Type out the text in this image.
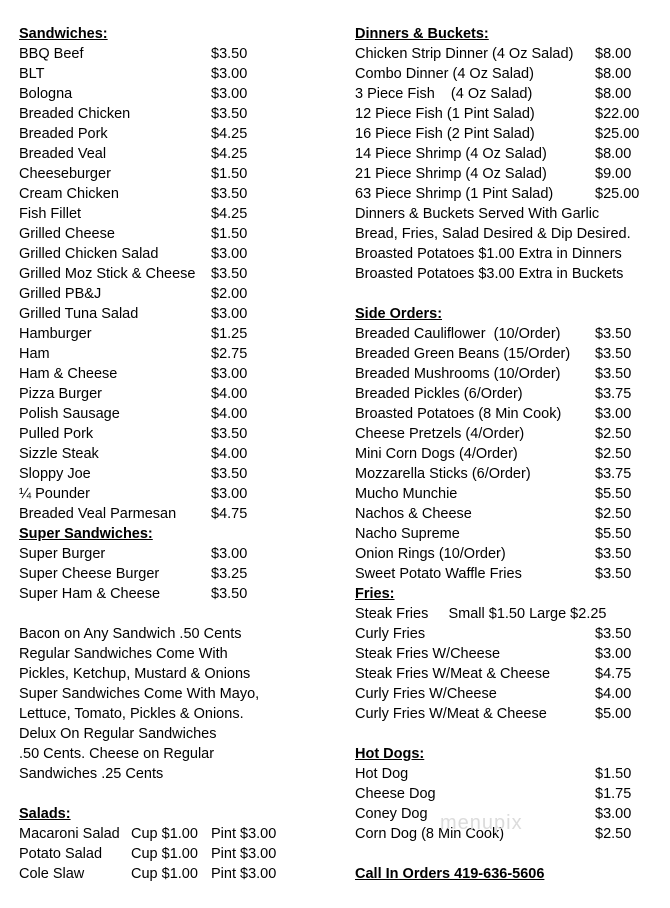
Sandwiches:
BBQ Beef	$3.50
BLT	$3.00
Bologna	$3.00
Breaded Chicken	$3.50
Breaded Pork	$4.25
Breaded Veal	$4.25
Cheeseburger	$1.50
Cream Chicken	$3.50
Fish Fillet	$4.25
Grilled Cheese	$1.50
Grilled Chicken Salad	$3.00
Grilled Moz Stick & Cheese $3.50
Grilled PB&J	$2.00
Grilled Tuna Salad	$3.00
Hamburger	$1.25
Ham	$2.75
Ham & Cheese	$3.00
Pizza Burger	$4.00
Polish Sausage	$4.00
Pulled Pork	$3.50
Sizzle Steak	$4.00
Sloppy Joe	$3.50
¼ Pounder	$3.00
Breaded Veal Parmesan $4.75
Super Sandwiches:
Super Burger	$3.00
Super Cheese Burger	$3.25
Super Ham & Cheese	$3.50
Bacon on Any Sandwich .50 Cents
Regular Sandwiches Come With
Pickles, Ketchup, Mustard & Onions
Super Sandwiches Come With Mayo,
Lettuce, Tomato, Pickles & Onions.
Delux On Regular Sandwiches
.50 Cents. Cheese on Regular
Sandwiches .25 Cents
Salads:
Macaroni Salad Cup $1.00 Pint $3.00
Potato Salad Cup $1.00 Pint $3.00
Cole Slaw	Cup $1.00 Pint $3.00
Dinners & Buckets:
Chicken Strip Dinner (4 Oz Salad) $8.00
Combo Dinner (4 Oz Salad)	$8.00
3 Piece Fish    (4 Oz Salad)	$8.00
12 Piece Fish (1 Pint Salad)	$22.00
16 Piece Fish (2 Pint Salad)	$25.00
14 Piece Shrimp (4 Oz Salad)	$8.00
21 Piece Shrimp (4 Oz Salad)	$9.00
63 Piece Shrimp (1 Pint Salad)	$25.00
Dinners & Buckets Served With Garlic
Bread, Fries, Salad Desired & Dip Desired.
Broasted Potatoes $1.00 Extra in Dinners
Broasted Potatoes $3.00 Extra in Buckets
Side Orders:
Breaded Cauliflower  (10/Order) $3.50
Breaded Green Beans (15/Order) $3.50
Breaded Mushrooms (10/Order) $3.50
Breaded Pickles (6/Order)	$3.75
Broasted Potatoes (8 Min Cook) $3.00
Cheese Pretzels (4/Order)	$2.50
Mini Corn Dogs (4/Order)	$2.50
Mozzarella Sticks (6/Order)	$3.75
Mucho Munchie	$5.50
Nachos & Cheese	$2.50
Nacho Supreme	$5.50
Onion Rings (10/Order)	$3.50
Sweet Potato Waffle Fries	$3.50
Fries:
Steak Fries     Small $1.50 Large $2.25
Curly Fries	$3.50
Steak Fries W/Cheese	$3.00
Steak Fries W/Meat & Cheese	$4.75
Curly Fries W/Cheese	$4.00
Curly Fries W/Meat & Cheese	$5.00
Hot Dogs:
Hot Dog	$1.50
Cheese Dog	$1.75
Coney Dog	$3.00
Corn Dog (8 Min Cook)	$2.50
Call In Orders 419-636-5606
menupix
